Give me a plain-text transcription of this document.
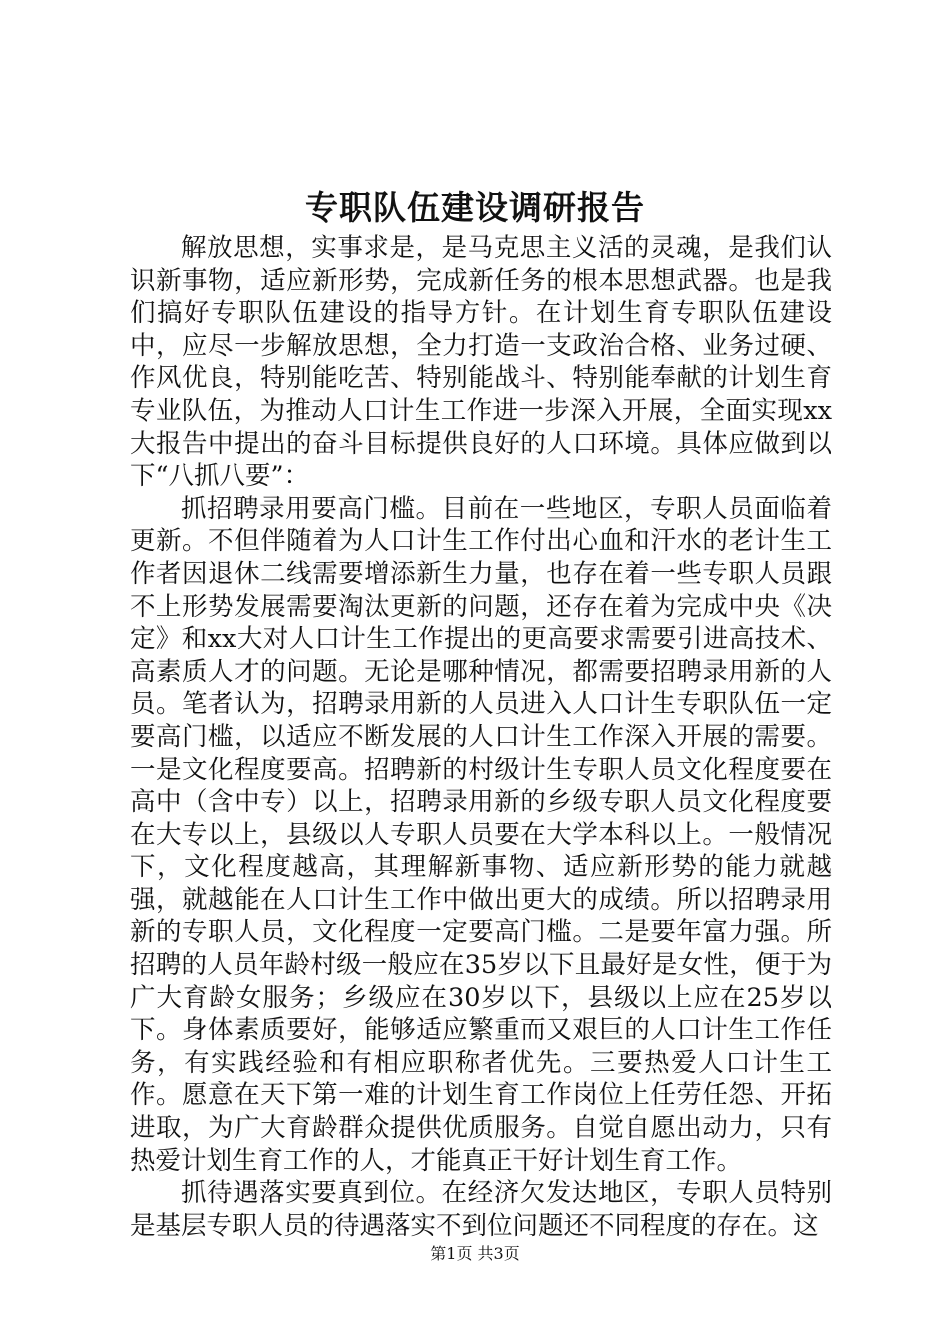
专职队伍建设调研报告

解放思想，实事求是，是马克思主义活的灵魂，是我们认识新事物，适应新形势，完成新任务的根本思想武器。也是我们搞好专职队伍建设的指导方针。在计划生育专职队伍建设中，应尽一步解放思想，全力打造一支政治合格、业务过硬、作风优良，特别能吃苦、特别能战斗、特别能奉献的计划生育专业队伍，为推动人口计生工作进一步深入开展，全面实现xx大报告中提出的奋斗目标提供良好的人口环境。具体应做到以下“八抓八要”：

抓招聘录用要高门槛。目前在一些地区，专职人员面临着更新。不但伴随着为人口计生工作付出心血和汗水的老计生工作者因退休二线需要增添新生力量，也存在着一些专职人员跟不上形势发展需要淘汰更新的问题，还存在着为完成中央《决定》和xx大对人口计生工作提出的更高要求需要引进高技术、高素质人才的问题。无论是哪种情况，都需要招聘录用新的人员。笔者认为，招聘录用新的人员进入人口计生专职队伍一定要高门槛，以适应不断发展的人口计生工作深入开展的需要。一是文化程度要高。招聘新的村级计生专职人员文化程度要在高中（含中专）以上，招聘录用新的乡级专职人员文化程度要在大专以上，县级以人专职人员要在大学本科以上。一般情况下，文化程度越高，其理解新事物、适应新形势的能力就越强，就越能在人口计生工作中做出更大的成绩。所以招聘录用新的专职人员，文化程度一定要高门槛。二是要年富力强。所招聘的人员年龄村级一般应在35岁以下且最好是女性，便于为广大育龄女服务；乡级应在30岁以下，县级以上应在25岁以下。身体素质要好，能够适应繁重而又艰巨的人口计生工作任务，有实践经验和有相应职称者优先。三要热爱人口计生工作。愿意在天下第一难的计划生育工作岗位上任劳任怨、开拓进取，为广大育龄群众提供优质服务。自觉自愿出动力，只有热爱计划生育工作的人，才能真正干好计划生育工作。

抓待遇落实要真到位。在经济欠发达地区，专职人员特别是基层专职人员的待遇落实不到位问题还不同程度的存在。这

第1页 共3页
